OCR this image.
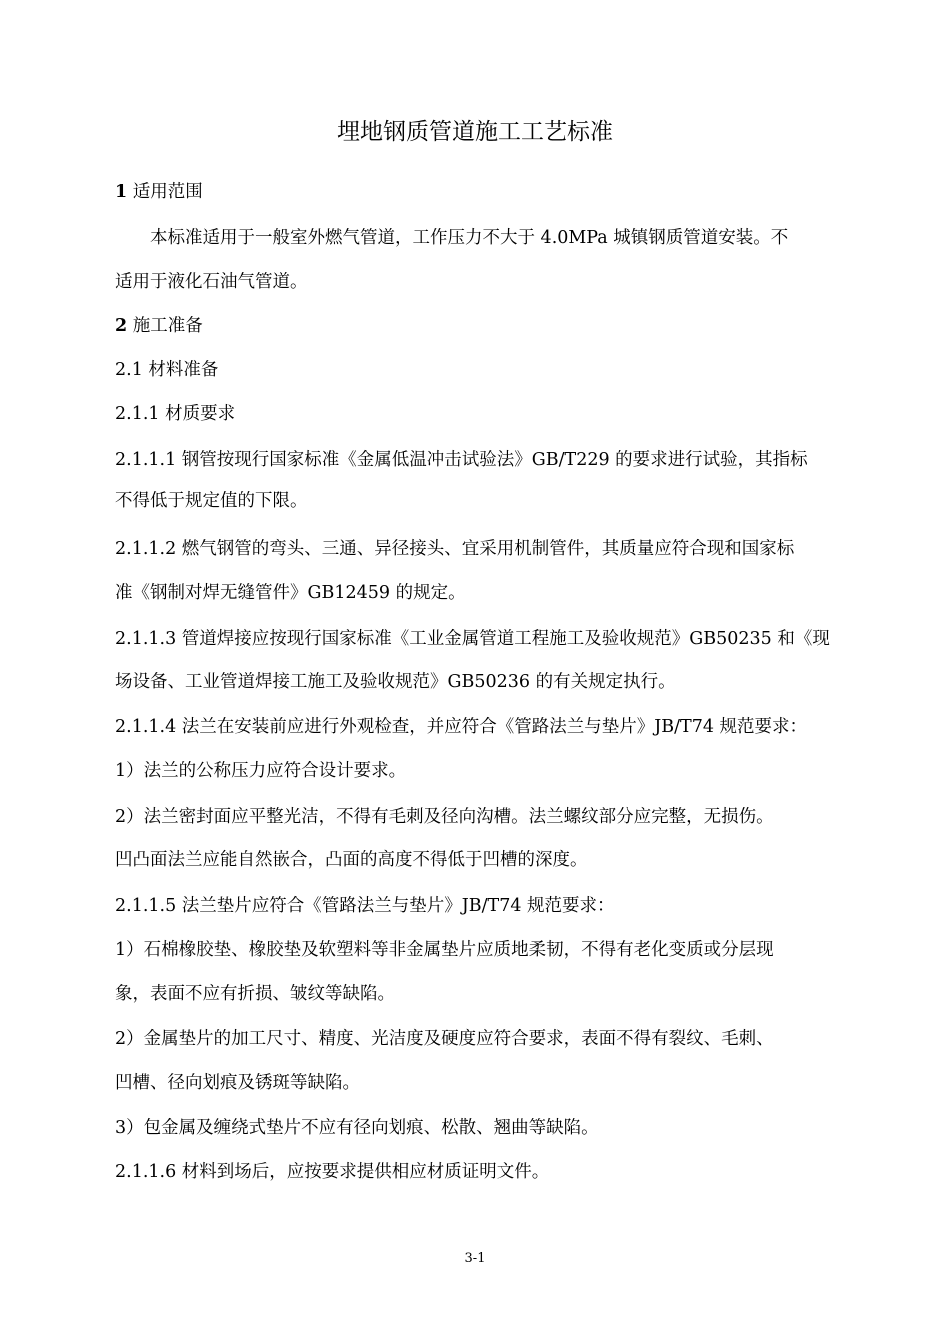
埋地钢质管道施工工艺标准
1 适用范围
本标准适用于一般室外燃气管道，工作压力不大于 4.0MPa 城镇钢质管道安装。不
适用于液化石油气管道。
2 施工准备
2.1 材料准备
2.1.1 材质要求
2.1.1.1 钢管按现行国家标准《金属低温冲击试验法》GB/T229 的要求进行试验，其指标
不得低于规定值的下限。
2.1.1.2 燃气钢管的弯头、三通、异径接头、宜采用机制管件，其质量应符合现和国家标
准《钢制对焊无缝管件》GB12459 的规定。
2.1.1.3 管道焊接应按现行国家标准《工业金属管道工程施工及验收规范》GB50235 和《现
场设备、工业管道焊接工施工及验收规范》GB50236 的有关规定执行。
2.1.1.4 法兰在安装前应进行外观检查，并应符合《管路法兰与垫片》JB/T74 规范要求：
1）法兰的公称压力应符合设计要求。
2）法兰密封面应平整光洁，不得有毛刺及径向沟槽。法兰螺纹部分应完整，无损伤。
凹凸面法兰应能自然嵌合，凸面的高度不得低于凹槽的深度。
2.1.1.5 法兰垫片应符合《管路法兰与垫片》JB/T74 规范要求：
1）石棉橡胶垫、橡胶垫及软塑料等非金属垫片应质地柔韧，不得有老化变质或分层现
象，表面不应有折损、皱纹等缺陷。
2）金属垫片的加工尺寸、精度、光洁度及硬度应符合要求，表面不得有裂纹、毛刺、
凹槽、径向划痕及锈斑等缺陷。
3）包金属及缠绕式垫片不应有径向划痕、松散、翘曲等缺陷。
2.1.1.6 材料到场后，应按要求提供相应材质证明文件。
3-1
